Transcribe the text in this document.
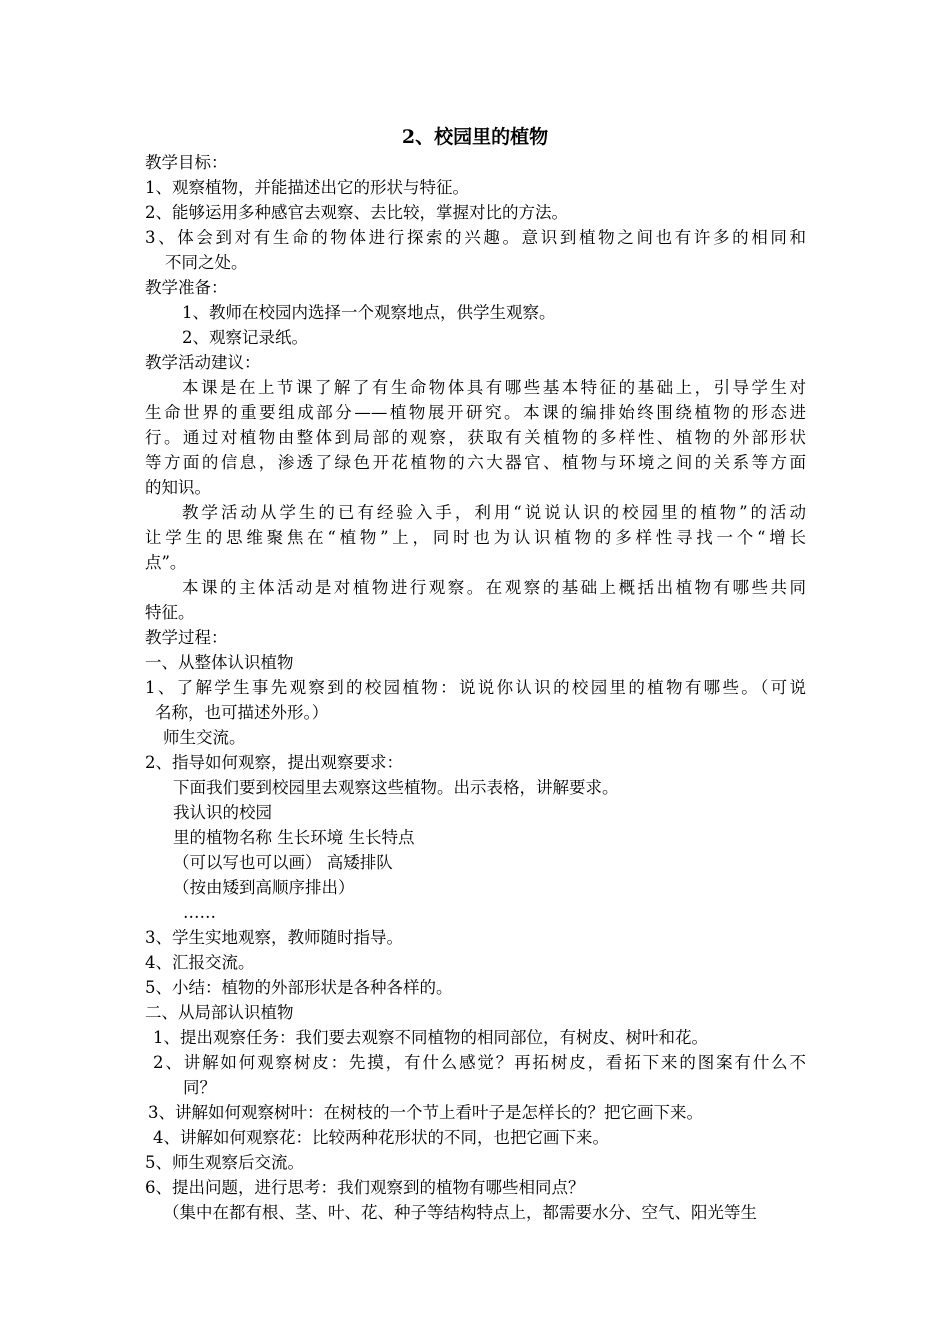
2、校园里的植物
教学目标：
1、观察植物，并能描述出它的形状与特征。
2、能够运用多种感官去观察、去比较，掌握对比的方法。
3、体会到对有生命的物体进行探索的兴趣。意识到植物之间也有许多的相同和
不同之处。
教学准备：
1、教师在校园内选择一个观察地点，供学生观察。
2、观察记录纸。
教学活动建议：
本课是在上节课了解了有生命物体具有哪些基本特征的基础上，引导学生对
生命世界的重要组成部分——植物展开研究。本课的编排始终围绕植物的形态进
行。通过对植物由整体到局部的观察，获取有关植物的多样性、植物的外部形状
等方面的信息，渗透了绿色开花植物的六大器官、植物与环境之间的关系等方面
的知识。
教学活动从学生的已有经验入手，利用“说说认识的校园里的植物”的活动
让学生的思维聚焦在“植物”上，同时也为认识植物的多样性寻找一个“增长
点”。
本课的主体活动是对植物进行观察。在观察的基础上概括出植物有哪些共同
特征。
教学过程：
一、从整体认识植物
1、了解学生事先观察到的校园植物：说说你认识的校园里的植物有哪些。（可说
名称，也可描述外形。）
师生交流。
2、指导如何观察，提出观察要求：
下面我们要到校园里去观察这些植物。出示表格，讲解要求。
我认识的校园
里的植物名称 生长环境 生长特点
（可以写也可以画） 高矮排队
（按由矮到高顺序排出）
……
3、学生实地观察，教师随时指导。
4、汇报交流。
5、小结：植物的外部形状是各种各样的。
二、从局部认识植物
1、提出观察任务：我们要去观察不同植物的相同部位，有树皮、树叶和花。
2、讲解如何观察树皮：先摸，有什么感觉？再拓树皮，看拓下来的图案有什么不
同？
3、讲解如何观察树叶：在树枝的一个节上看叶子是怎样长的？把它画下来。
4、讲解如何观察花：比较两种花形状的不同，也把它画下来。
5、师生观察后交流。
6、提出问题，进行思考：我们观察到的植物有哪些相同点？
（集中在都有根、茎、叶、花、种子等结构特点上，都需要水分、空气、阳光等生
